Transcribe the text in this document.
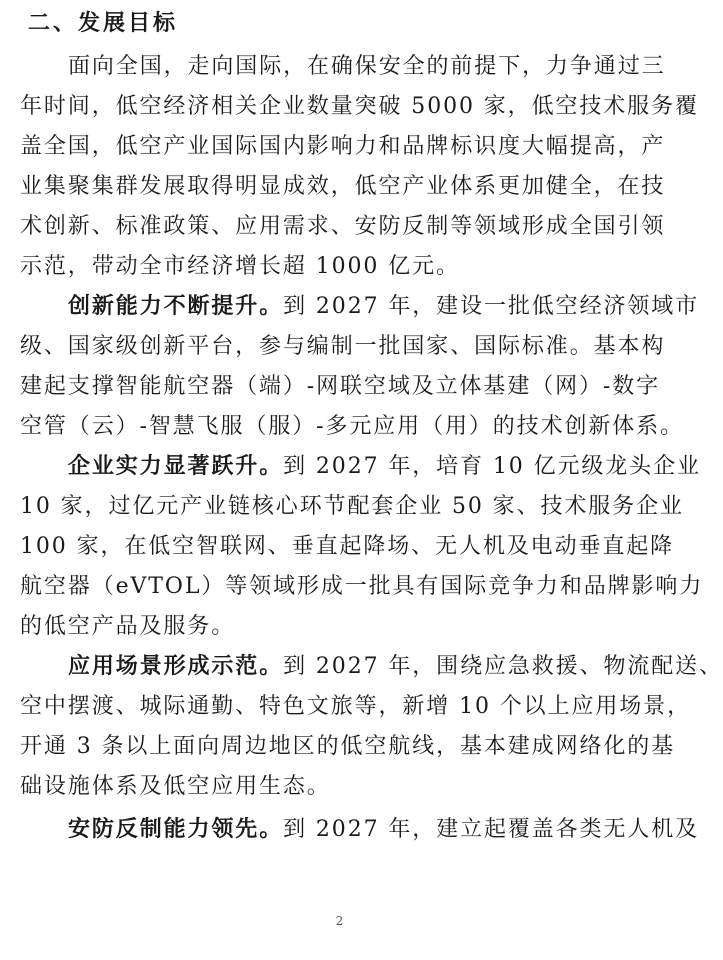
二、发展目标
面向全国，走向国际，在确保安全的前提下，力争通过三
年时间，低空经济相关企业数量突破 5000 家，低空技术服务覆
盖全国，低空产业国际国内影响力和品牌标识度大幅提高，产
业集聚集群发展取得明显成效，低空产业体系更加健全，在技
术创新、标准政策、应用需求、安防反制等领域形成全国引领
示范，带动全市经济增长超 1000 亿元。
创新能力不断提升。到 2027 年，建设一批低空经济领域市
级、国家级创新平台，参与编制一批国家、国际标准。基本构
建起支撑智能航空器（端）-网联空域及立体基建（网）-数字
空管（云）-智慧飞服（服）-多元应用（用）的技术创新体系。
企业实力显著跃升。到 2027 年，培育 10 亿元级龙头企业
10 家，过亿元产业链核心环节配套企业 50 家、技术服务企业
100 家，在低空智联网、垂直起降场、无人机及电动垂直起降
航空器（eVTOL）等领域形成一批具有国际竞争力和品牌影响力
的低空产品及服务。
应用场景形成示范。到 2027 年，围绕应急救援、物流配送、
空中摆渡、城际通勤、特色文旅等，新增 10 个以上应用场景，
开通 3 条以上面向周边地区的低空航线，基本建成网络化的基
础设施体系及低空应用生态。
安防反制能力领先。到 2027 年，建立起覆盖各类无人机及
2
